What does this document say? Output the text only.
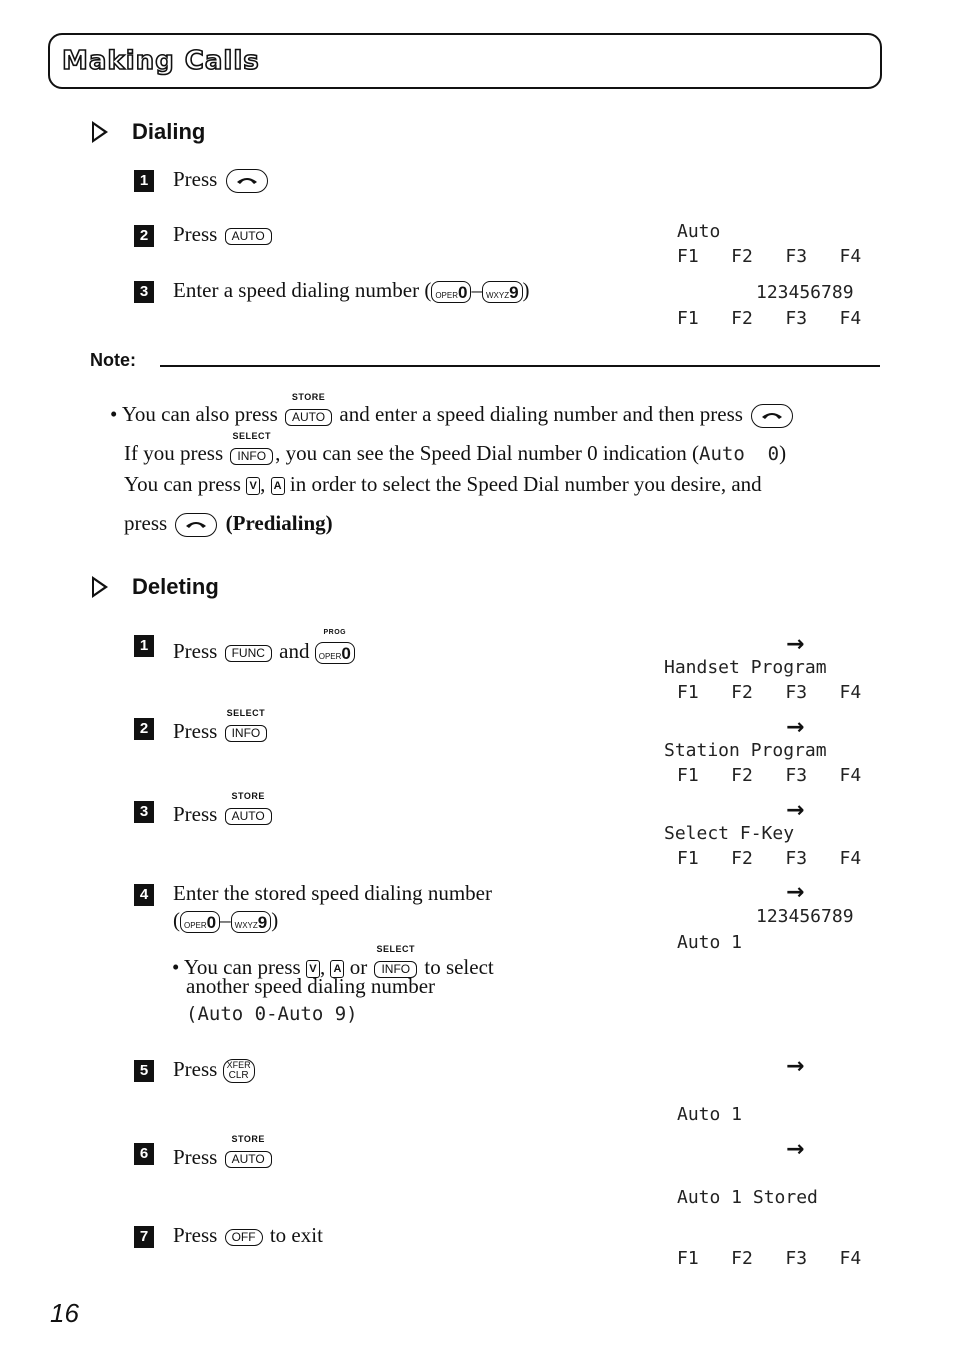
Making Calls
Dialing
1 Press
2 Press AUTO
3 Enter a speed dialing number ( OPER0 – WXYZ9 )
Auto
F1   F2   F3   F4
123456789
F1   F2   F3   F4
Note:
• You can also press
STORE
AUTO and enter a speed dialing number and then press
If you press
SELECT
INFO , you can see the Speed Dial number 0 indication (Auto  0)
You can press V , A in order to select the Speed Dial number you desire, and
press	(Predialing)
Deleting
1 Press FUNC and
PROG
OPER0
2 Press
SELECT
INFO
3 Press
STORE
AUTO
4 Enter the stored speed dialing number
( OPER0 – WXYZ9 )
• You can press V , A or
SELECT
INFO to select
another speed dialing number
(Auto 0-Auto 9)
5 Press XFER
CLR
6 Press
STORE
AUTO
7 Press OFF to exit
→
Handset Program
F1   F2   F3   F4
→
Station Program
F1   F2   F3   F4
→
Select F-Key
F1   F2   F3   F4
→
123456789
Auto 1
→
Auto 1
→
Auto 1 Stored
F1   F2   F3   F4
16
